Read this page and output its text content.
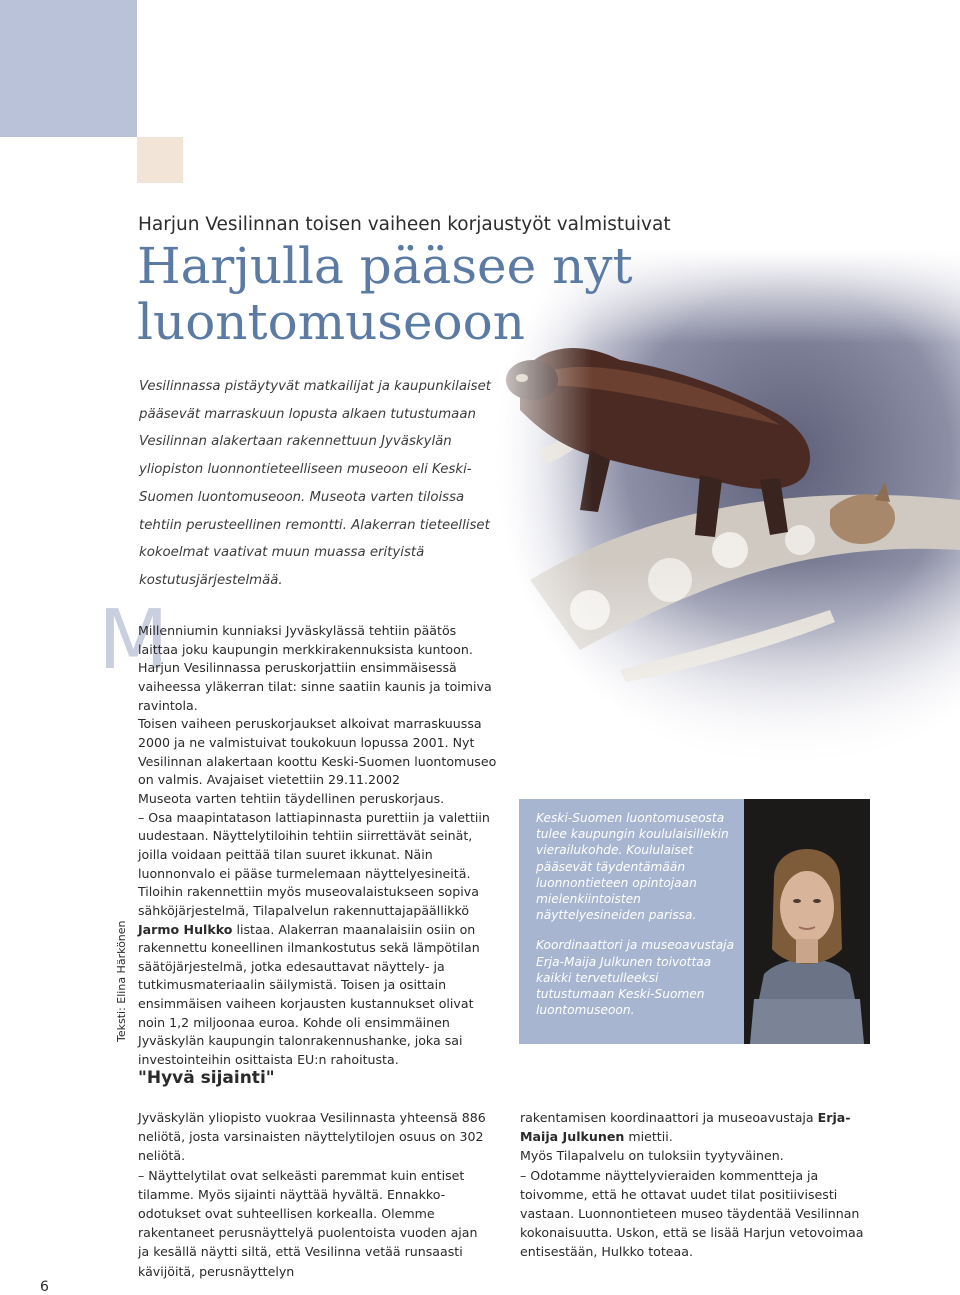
Harjun Vesilinnan toisen vaiheen korjaustyöt valmistuivat
Harjulla pääsee nyt luontomuseoon
Vesilinnassa pistäytyvät matkailijat ja kaupunkilaiset pääsevät marraskuun lopusta alkaen tutustumaan Vesilinnan alakertaan rakennettuun Jyväskylän yliopiston luonnontieteelliseen museoon eli Keski-Suomen luontomuseoon. Museota varten tiloissa tehtiin perusteellinen remontti. Alakerran tieteelliset kokoelmat vaativat muun muassa erityistä kostutusjärjestelmää.
M

Millenniumin kunniaksi Jyväskylässä tehtiin päätös laittaa joku kaupungin merkkirakennuksista kuntoon. Harjun Vesilinnassa peruskorjattiin ensimmäisessä vaiheessa yläkerran tilat: sinne saatiin kaunis ja toimiva ravintola.

Toisen vaiheen peruskorjaukset alkoivat marraskuussa 2000 ja ne valmistuivat toukokuun lopussa 2001. Nyt Vesilinnan alakertaan koottu Keski-Suomen luontomuseo on valmis. Avajaiset vietettiin 29.11.2002

Museota varten tehtiin täydellinen peruskorjaus.

– Osa maapintatason lattiapinnasta purettiin ja valettiin uudestaan. Näyttelytiloihin tehtiin siirrettävät seinät, joilla voidaan peittää tilan suuret ikkunat. Näin luonnonvalo ei pääse turmelemaan näyttelyesineitä. Tiloihin rakennettiin myös museovalaistukseen sopiva sähköjärjestelmä, Tilapalvelun rakennuttajapäällikkö Jarmo Hulkko listaa. Alakerran maanalaisiin osiin on rakennettu koneellinen ilmankostutus sekä lämpötilan säätöjärjestelmä, jotka edesauttavat näyttely- ja tutkimusmateriaalin säilymistä. Toisen ja osittain ensimmäisen vaiheen korjausten kustannukset olivat noin 1,2 miljoonaa euroa. Kohde oli ensimmäinen Jyväskylän kaupungin talonrakennushanke, joka sai investointeihin osittaista EU:n rahoitusta.

Teksti: Elina Härkönen

Keski-Suomen luontomuseosta tulee kaupungin koululaisillekin vierailukohde. Koululaiset pääsevät täydentämään luonnontieteen opintojaan mielenkiintoisten näyttelyesineiden parissa.

Koordinaattori ja museoavustaja Erja-Maija Julkunen toivottaa kaikki tervetulleeksi tutustumaan Keski-Suomen luontomuseoon.

"Hyvä sijainti"

Jyväskylän yliopisto vuokraa Vesilinnasta yhteensä 886 neliötä, josta varsinaisten näyttelytilojen osuus on 302 neliötä.

– Näyttelytilat ovat selkeästi paremmat kuin entiset tilamme. Myös sijainti näyttää hyvältä. Ennakko-odotukset ovat suhteellisen korkealla. Olemme rakentaneet perusnäyttelyä puolentoista vuoden ajan ja kesällä näytti siltä, että Vesilinna vetää runsaasti kävijöitä, perusnäyttelyn

rakentamisen koordinaattori ja museoavustaja Erja-Maija Julkunen miettii.

Myös Tilapalvelu on tuloksiin tyytyväinen.

– Odotamme näyttelyvieraiden kommentteja ja toivomme, että he ottavat uudet tilat positiivisesti vastaan. Luonnontieteen museo täydentää Vesilinnan kokonaisuutta. Uskon, että se lisää Harjun vetovoimaa entisestään, Hulkko toteaa.

6
